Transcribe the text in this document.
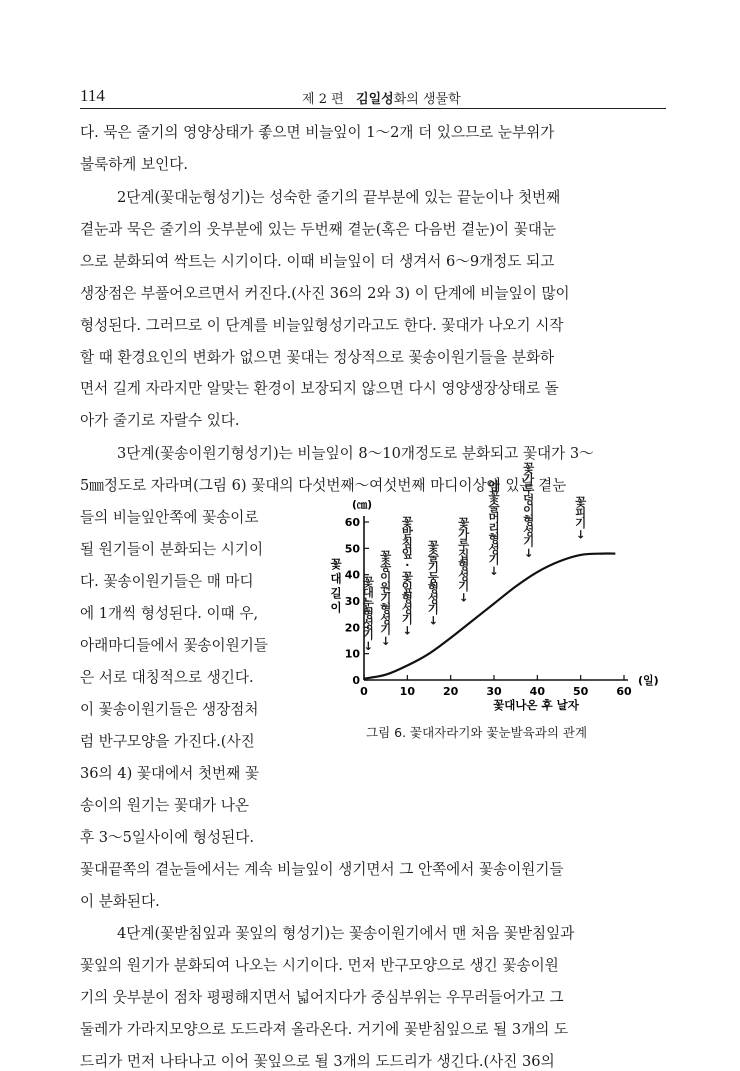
114	제 2 편 김일성화의 생물학
다. 묵은 줄기의 영양상태가 좋으면 비늘잎이 1～2개 더 있으므로 눈부위가
불룩하게 보인다.
2단계(꽃대눈형성기)는 성숙한 줄기의 끝부분에 있는 끝눈이나 첫번째
곁눈과 묵은 줄기의 웃부분에 있는 두번째 곁눈(혹은 다음번 곁눈)이 꽃대눈
으로 분화되여 싹트는 시기이다. 이때 비늘잎이 더 생겨서 6～9개정도 되고
생장점은 부풀어오르면서 커진다.(사진 36의 2와 3) 이 단계에 비늘잎이 많이
형성된다. 그러므로 이 단계를 비늘잎형성기라고도 한다. 꽃대가 나오기 시작
할 때 환경요인의 변화가 없으면 꽃대는 정상적으로 꽃송이원기들을 분화하
면서 길게 자라지만 알맞는 환경이 보장되지 않으면 다시 영양생장상태로 돌
아가 줄기로 자랄수 있다.
3단계(꽃송이원기형성기)는 비늘잎이 8～10개정도로 분화되고 꽃대가 3～
5㎜정도로 자라며(그림 6) 꽃대의 다섯번째～여섯번째 마디이상에 있는 곁눈
들의 비늘잎안쪽에 꽃송이로
될 원기들이 분화되는 시기이
다. 꽃송이원기들은 매 마디
에 1개씩 형성된다. 이때 우,
아래마디들에서 꽃송이원기들
은 서로 대칭적으로 생긴다.
이 꽃송이원기들은 생장점처
럼 반구모양을 가진다.(사진
36의 4) 꽃대에서 첫번째 꽃
송이의 원기는 꽃대가 나온
후 3～5일사이에 형성된다.
꽃대끝쪽의 곁눈들에서는 계속 비늘잎이 생기면서 그 안쪽에서 꽃송이원기들
이 분화된다.
4단계(꽃받침잎과 꽃잎의 형성기)는 꽃송이원기에서 맨 처음 꽃받침잎과
꽃잎의 원기가 분화되여 나오는 시기이다. 먼저 반구모양으로 생긴 꽃송이원
기의 웃부분이 점차 평평해지면서 넓어지다가 중심부위는 우무러들어가고 그
둘레가 가라지모양으로 도드라져 올라온다. 거기에 꽃받침잎으로 될 3개의 도
드리가 먼저 나타나고 이어 꽃잎으로 될 3개의 도드리가 생긴다.(사진 36의
0	10	20	30	40	50	60
0
10
20
30
40
50
60
(㎝)
(일)
꽃대나온 후 날자
꽃대길이 꽃대눈형성기↓ 꽃송이원기형성기↓ 꽃받침잎·꽃잎형성기↓ 꽃술기둥형성기↓ 꽃가루집형성기↓ 암꽃술머리형성기↓ 꽃가루덩이형성기↓	꽃피기↓
그림 6. 꽃대자라기와 꽃눈발육과의 관계
